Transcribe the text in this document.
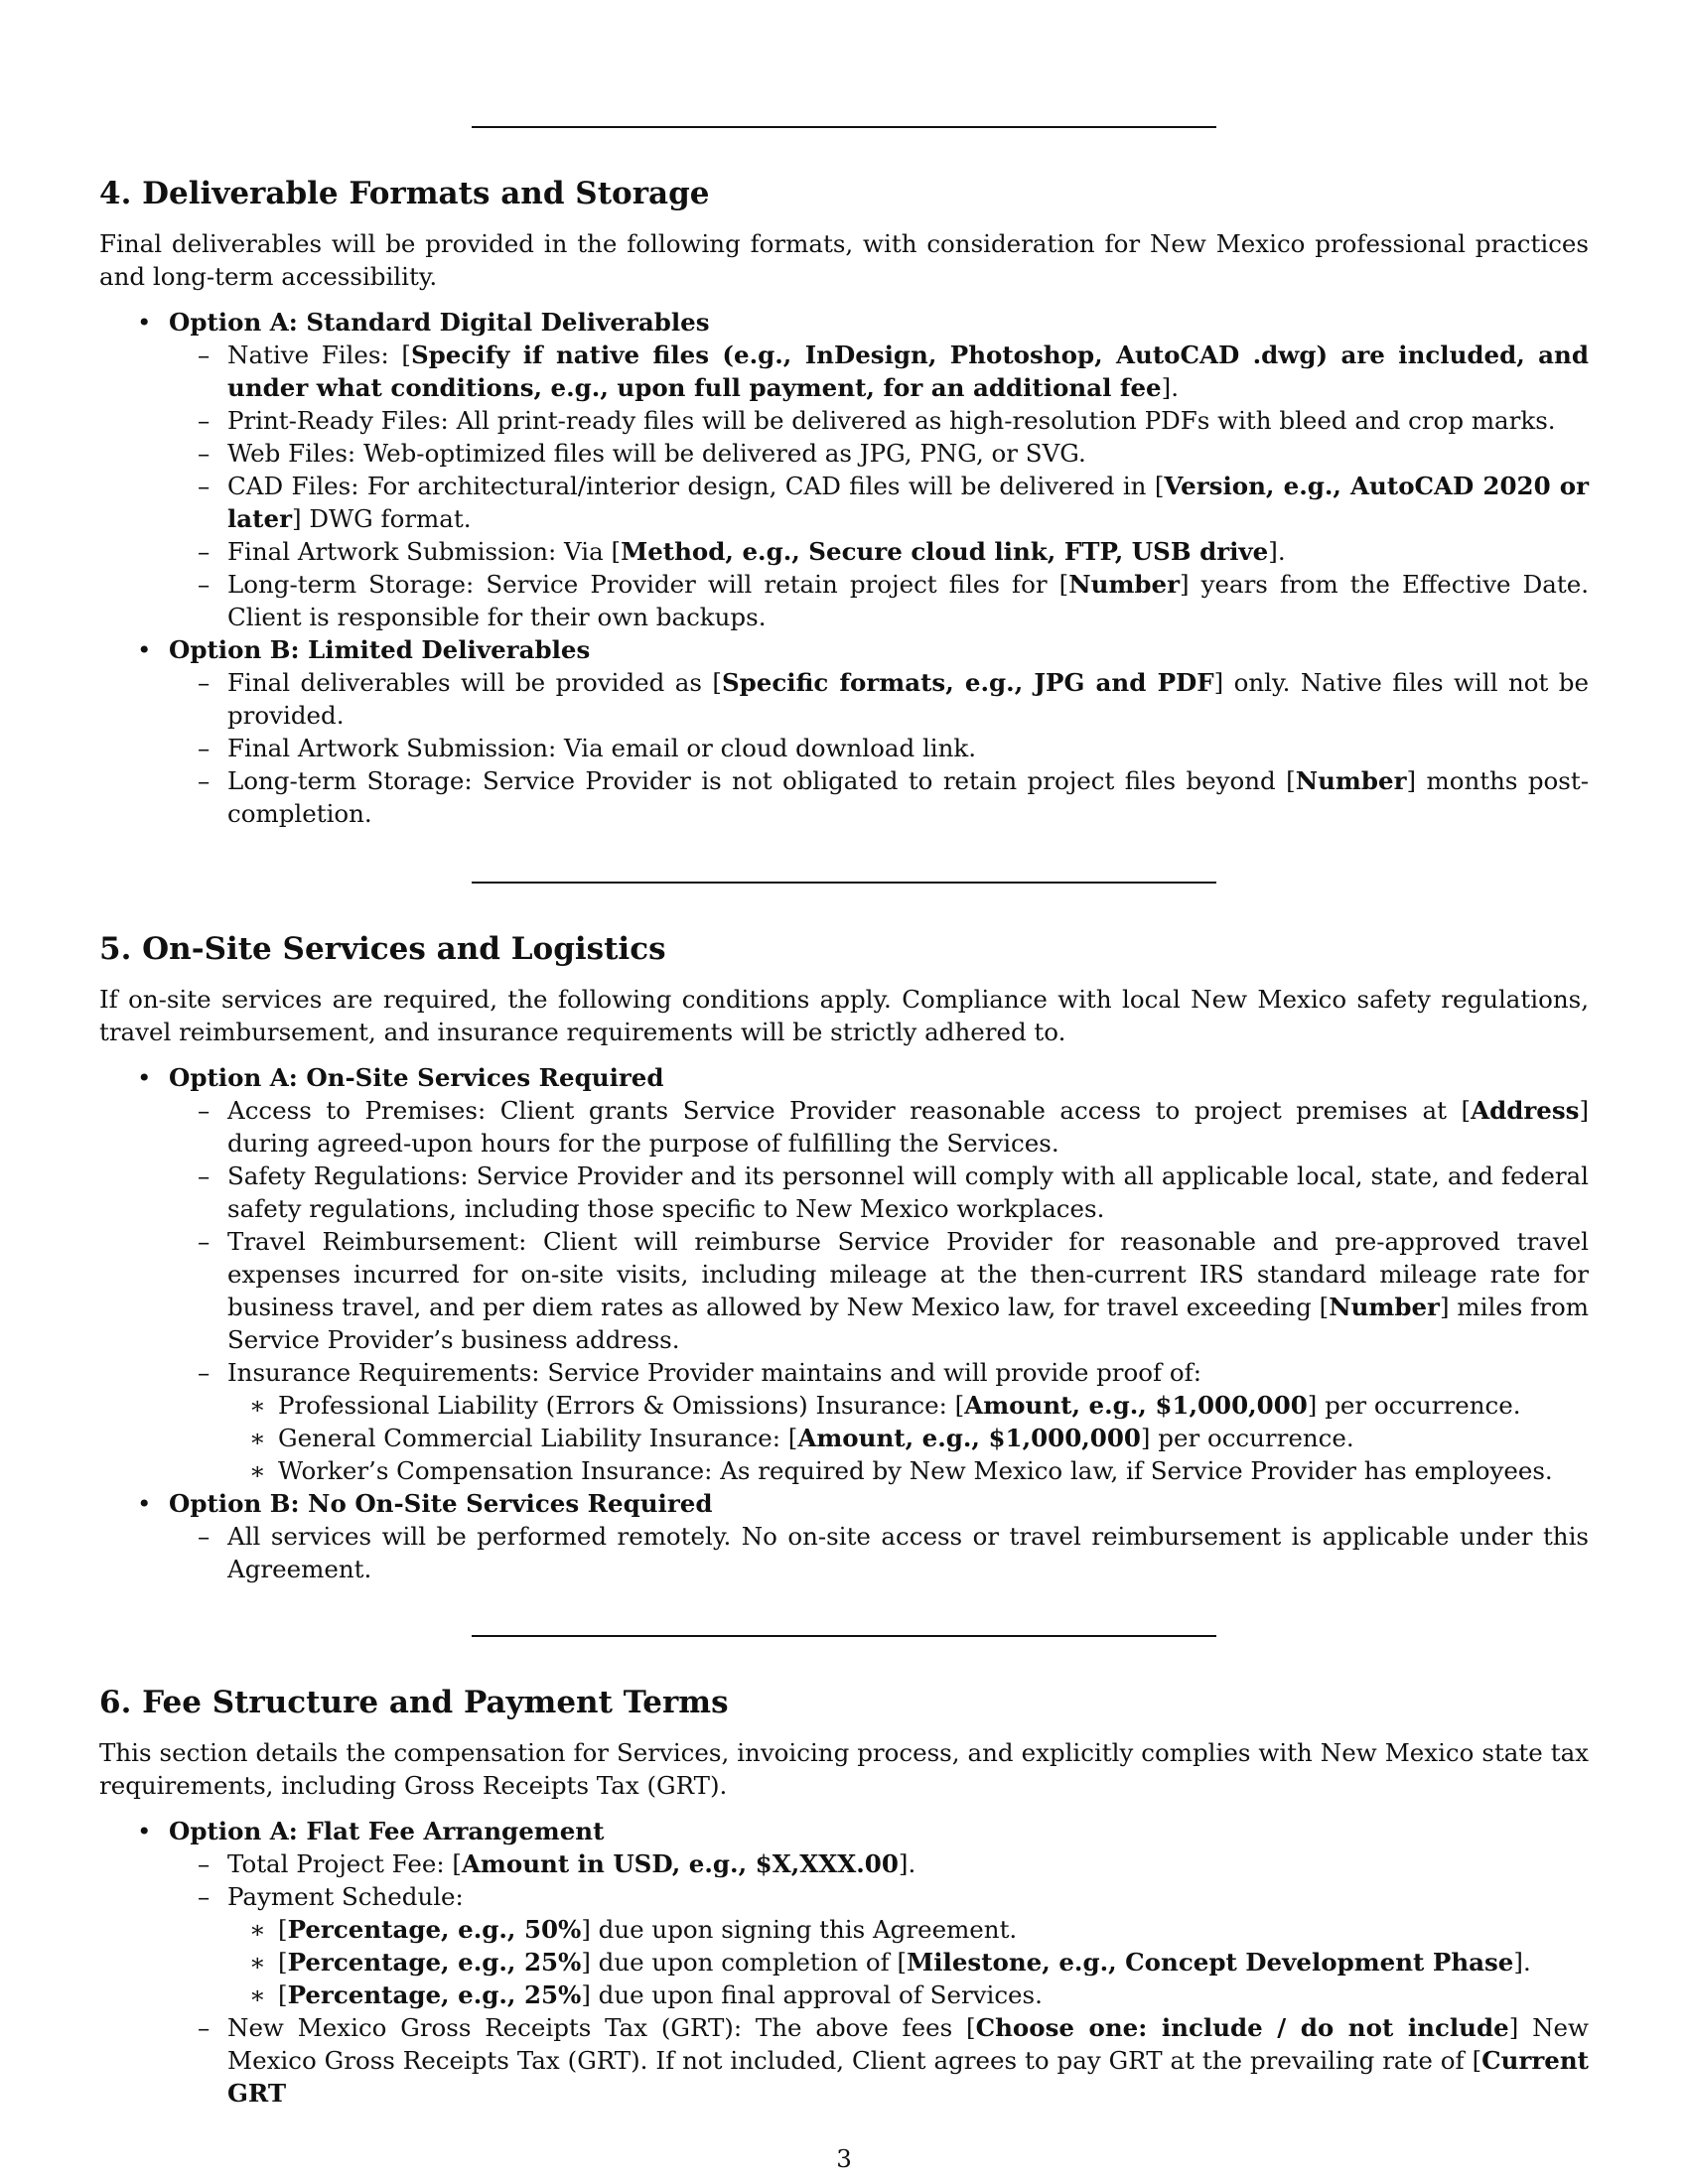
4. Deliverable Formats and Storage

Final deliverables will be provided in the following formats, with consideration for New Mexico professional practices and long-term accessibility.

• Option A: Standard Digital Deliverables
– Native Files: [Specify if native files (e.g., InDesign, Photoshop, AutoCAD .dwg) are included, and under what conditions, e.g., upon full payment, for an additional fee].
– Print-Ready Files: All print-ready files will be delivered as high-resolution PDFs with bleed and crop marks.
– Web Files: Web-optimized files will be delivered as JPG, PNG, or SVG.
– CAD Files: For architectural/interior design, CAD files will be delivered in [Version, e.g., AutoCAD 2020 or later] DWG format.
– Final Artwork Submission: Via [Method, e.g., Secure cloud link, FTP, USB drive].
– Long-term Storage: Service Provider will retain project files for [Number] years from the Effective Date. Client is responsible for their own backups.
• Option B: Limited Deliverables
– Final deliverables will be provided as [Specific formats, e.g., JPG and PDF] only. Native files will not be provided.
– Final Artwork Submission: Via email or cloud download link.
– Long-term Storage: Service Provider is not obligated to retain project files beyond [Number] months post-completion.
5. On-Site Services and Logistics

If on-site services are required, the following conditions apply. Compliance with local New Mexico safety regulations, travel reimbursement, and insurance requirements will be strictly adhered to.

• Option A: On-Site Services Required
– Access to Premises: Client grants Service Provider reasonable access to project premises at [Address] during agreed-upon hours for the purpose of fulfilling the Services.
– Safety Regulations: Service Provider and its personnel will comply with all applicable local, state, and federal safety regulations, including those specific to New Mexico workplaces.
– Travel Reimbursement: Client will reimburse Service Provider for reasonable and pre-approved travel expenses incurred for on-site visits, including mileage at the then-current IRS standard mileage rate for business travel, and per diem rates as allowed by New Mexico law, for travel exceeding [Number] miles from Service Provider’s business address.
– Insurance Requirements: Service Provider maintains and will provide proof of:
∗ Professional Liability (Errors & Omissions) Insurance: [Amount, e.g., $1,000,000] per occurrence.
∗ General Commercial Liability Insurance: [Amount, e.g., $1,000,000] per occurrence.
∗ Worker’s Compensation Insurance: As required by New Mexico law, if Service Provider has employees.
• Option B: No On-Site Services Required
– All services will be performed remotely. No on-site access or travel reimbursement is applicable under this Agreement.
6. Fee Structure and Payment Terms

This section details the compensation for Services, invoicing process, and explicitly complies with New Mexico state tax requirements, including Gross Receipts Tax (GRT).

• Option A: Flat Fee Arrangement
– Total Project Fee: [Amount in USD, e.g., $X,XXX.00].
– Payment Schedule:
∗ [Percentage, e.g., 50%] due upon signing this Agreement.
∗ [Percentage, e.g., 25%] due upon completion of [Milestone, e.g., Concept Development Phase].
∗ [Percentage, e.g., 25%] due upon final approval of Services.
– New Mexico Gross Receipts Tax (GRT): The above fees [Choose one: include / do not include] New Mexico Gross Receipts Tax (GRT). If not included, Client agrees to pay GRT at the prevailing rate of [Current GRT
3
